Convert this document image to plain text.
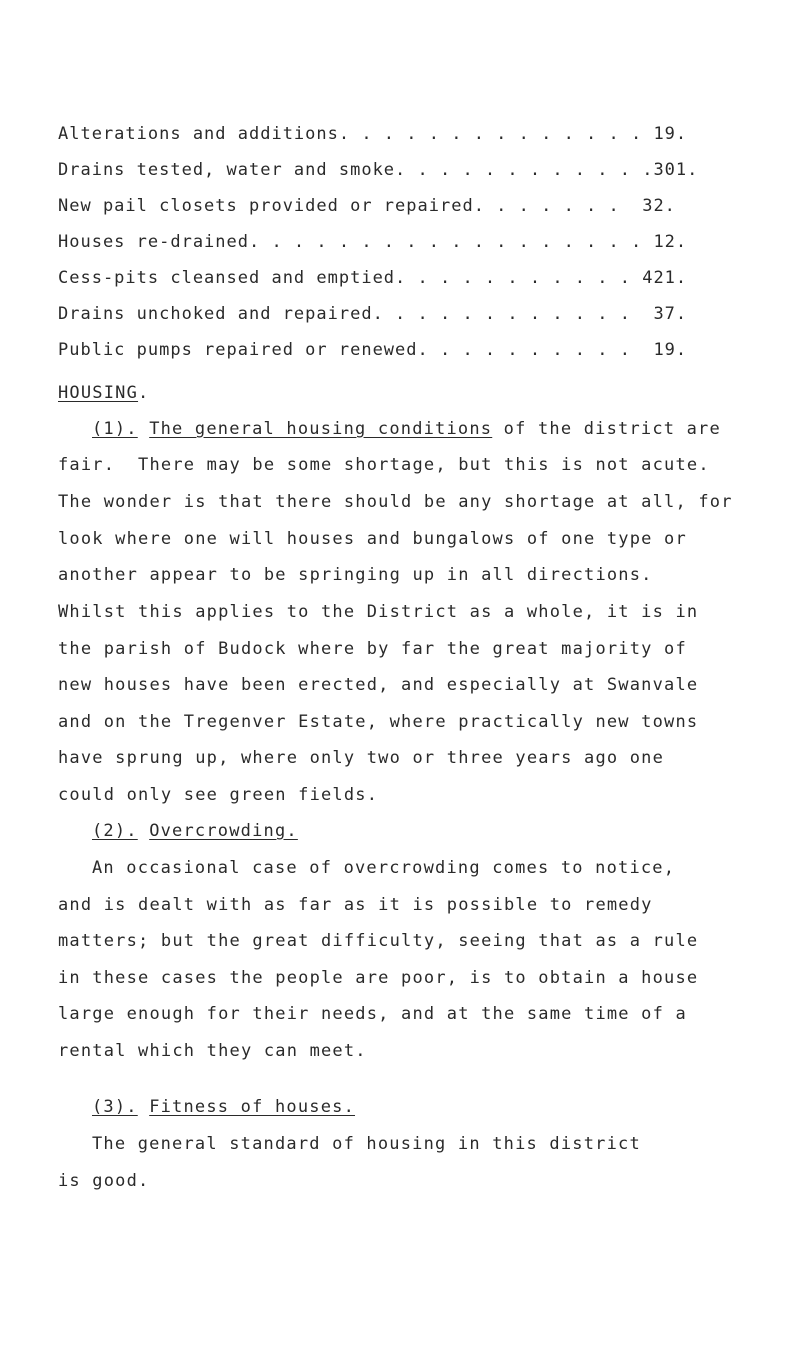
Alterations and additions. . . . . . . . . . . . . . 19.
Drains tested, water and smoke. . . . . . . . . . . .301.
New pail closets provided or repaired. . . . . . .  32.
Houses re-drained. . . . . . . . . . . . . . . . . . 12.
Cess-pits cleansed and emptied. . . . . . . . . . . 421.
Drains unchoked and repaired. . . . . . . . . . . .  37.
Public pumps repaired or renewed. . . . . . . . . .  19.
HOUSING.
(1). The general housing conditions of the district are
fair.  There may be some shortage, but this is not acute.
The wonder is that there should be any shortage at all, for
look where one will houses and bungalows of one type or
another appear to be springing up in all directions.
Whilst this applies to the District as a whole, it is in
the parish of Budock where by far the great majority of
new houses have been erected, and especially at Swanvale
and on the Tregenver Estate, where practically new towns
have sprung up, where only two or three years ago one
could only see green fields.
(2). Overcrowding.
An occasional case of overcrowding comes to notice,
and is dealt with as far as it is possible to remedy
matters; but the great difficulty, seeing that as a rule
in these cases the people are poor, is to obtain a house
large enough for their needs, and at the same time of a
rental which they can meet.
(3). Fitness of houses.
The general standard of housing in this district
is good.
